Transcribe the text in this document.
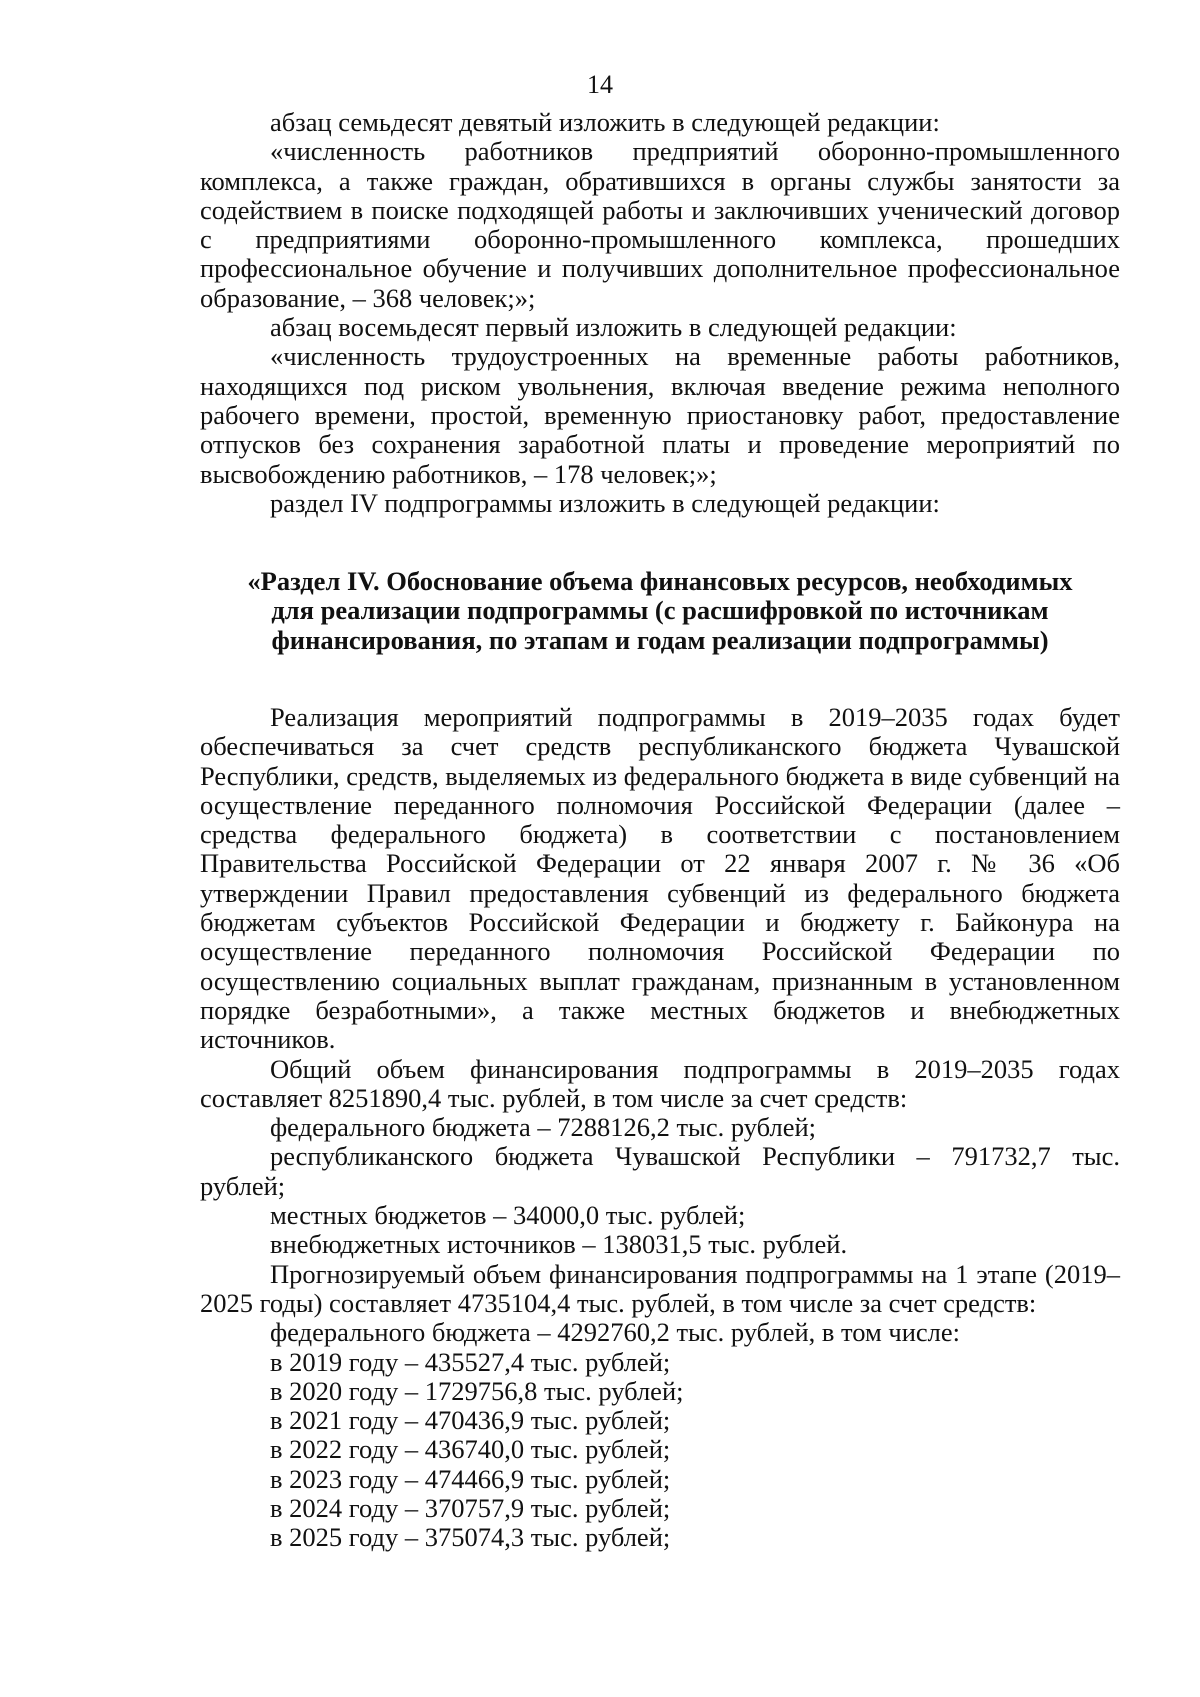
14

абзац семьдесят девятый изложить в следующей редакции:

«численность работников предприятий оборонно-промышленного комплекса, а также граждан, обратившихся в органы службы занятости за содействием в поиске подходящей работы и заключивших ученический договор с предприятиями оборонно-промышленного комплекса, прошедших профессиональное обучение и получивших дополнительное профессиональное образование, – 368 человек;»;

абзац восемьдесят первый изложить в следующей редакции:

«численность трудоустроенных на временные работы работников, находящихся под риском увольнения, включая введение режима неполного рабочего времени, простой, временную приостановку работ, предоставление отпусков без сохранения заработной платы и проведение мероприятий по высвобождению работников, – 178 человек;»;

раздел IV подпрограммы изложить в следующей редакции:

«Раздел IV. Обоснование объема финансовых ресурсов, необходимых
для реализации подпрограммы (с расшифровкой по источникам
финансирования, по этапам и годам реализации подпрограммы)

Реализация мероприятий подпрограммы в 2019–2035 годах будет обеспечиваться за счет средств республиканского бюджета Чувашской Республики, средств, выделяемых из федерального бюджета в виде субвенций на осуществление переданного полномочия Российской Федерации (далее – средства федерального бюджета) в соответствии с постановлением Правительства Российской Федерации от 22 января 2007 г. № 36 «Об утверждении Правил предоставления субвенций из федерального бюджета бюджетам субъектов Российской Федерации и бюджету г. Байконура на осуществление переданного полномочия Российской Федерации по осуществлению социальных выплат гражданам, признанным в установленном порядке безработными», а также местных бюджетов и внебюджетных источников.

Общий объем финансирования подпрограммы в 2019–2035 годах составляет 8251890,4 тыс. рублей, в том числе за счет средств:

федерального бюджета – 7288126,2 тыс. рублей;

республиканского бюджета Чувашской Республики – 791732,7 тыс. рублей;

местных бюджетов – 34000,0 тыс. рублей;

внебюджетных источников – 138031,5 тыс. рублей.

Прогнозируемый объем финансирования подпрограммы на 1 этапе (2019–2025 годы) составляет 4735104,4 тыс. рублей, в том числе за счет средств:

федерального бюджета – 4292760,2 тыс. рублей, в том числе:
в 2019 году – 435527,4 тыс. рублей;
в 2020 году – 1729756,8 тыс. рублей;
в 2021 году – 470436,9 тыс. рублей;
в 2022 году – 436740,0 тыс. рублей;
в 2023 году – 474466,9 тыс. рублей;
в 2024 году – 370757,9 тыс. рублей;
в 2025 году – 375074,3 тыс. рублей;
